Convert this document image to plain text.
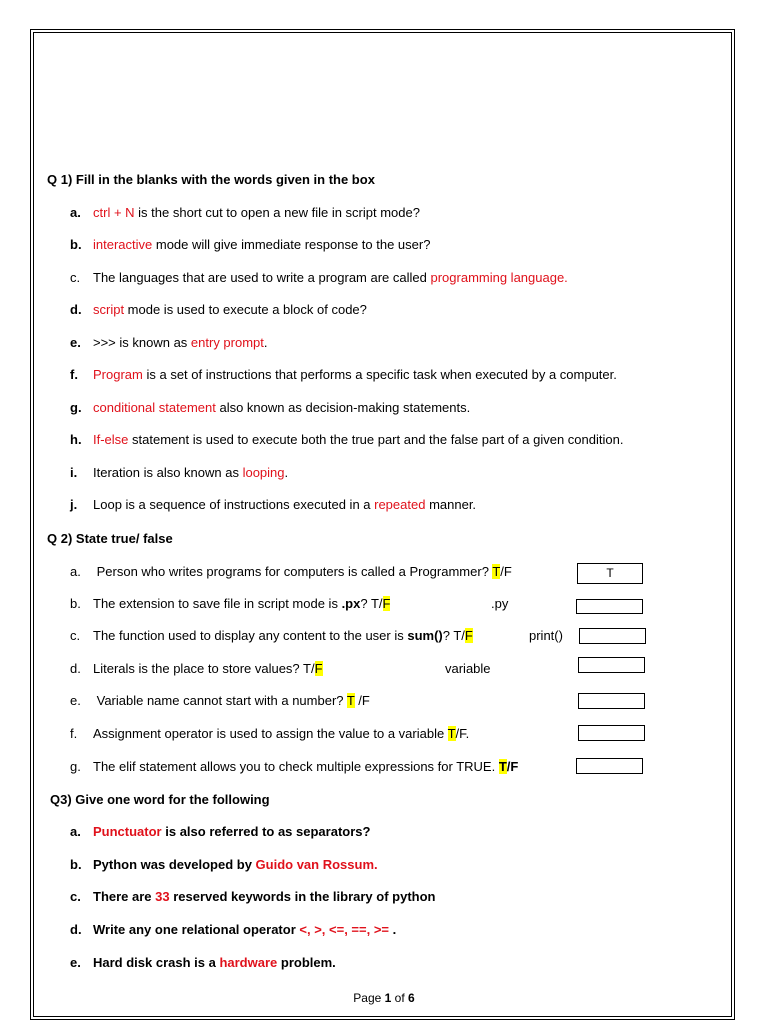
Q 1) Fill in the blanks with the words given in the box
a. ctrl + N is the short cut to open a new file in script mode?
b. interactive mode will give immediate response to the user?
c. The languages that are used to write a program are called programming language.
d. script mode is used to execute a block of code?
e. >>> is known as entry prompt.
f. Program is a set of instructions that performs a specific task when executed by a computer.
g. conditional statement also known as decision-making statements.
h. If-else statement is used to execute both the true part and the false part of a given condition.
i. Iteration is also known as looping.
j. Loop is a sequence of instructions executed in a repeated manner.
Q 2) State true/ false
a. Person who writes programs for computers is called a Programmer? T/F	T
b. The extension to save file in script mode is .px? T/F	.py
c. The function used to display any content to the user is sum()? T/F	print()
d. Literals is the place to store values? T/F	variable
e. Variable name cannot start with a number? T /F
f. Assignment operator is used to assign the value to a variable T/F.
g. The elif statement allows you to check multiple expressions for TRUE. T/F
Q3) Give one word for the following
a. Punctuator is also referred to as separators?
b. Python was developed by Guido van Rossum.
c. There are 33 reserved keywords in the library of python
d. Write any one relational operator <, >, <=, ==, >= .
e. Hard disk crash is a hardware problem.
Page 1 of 6
